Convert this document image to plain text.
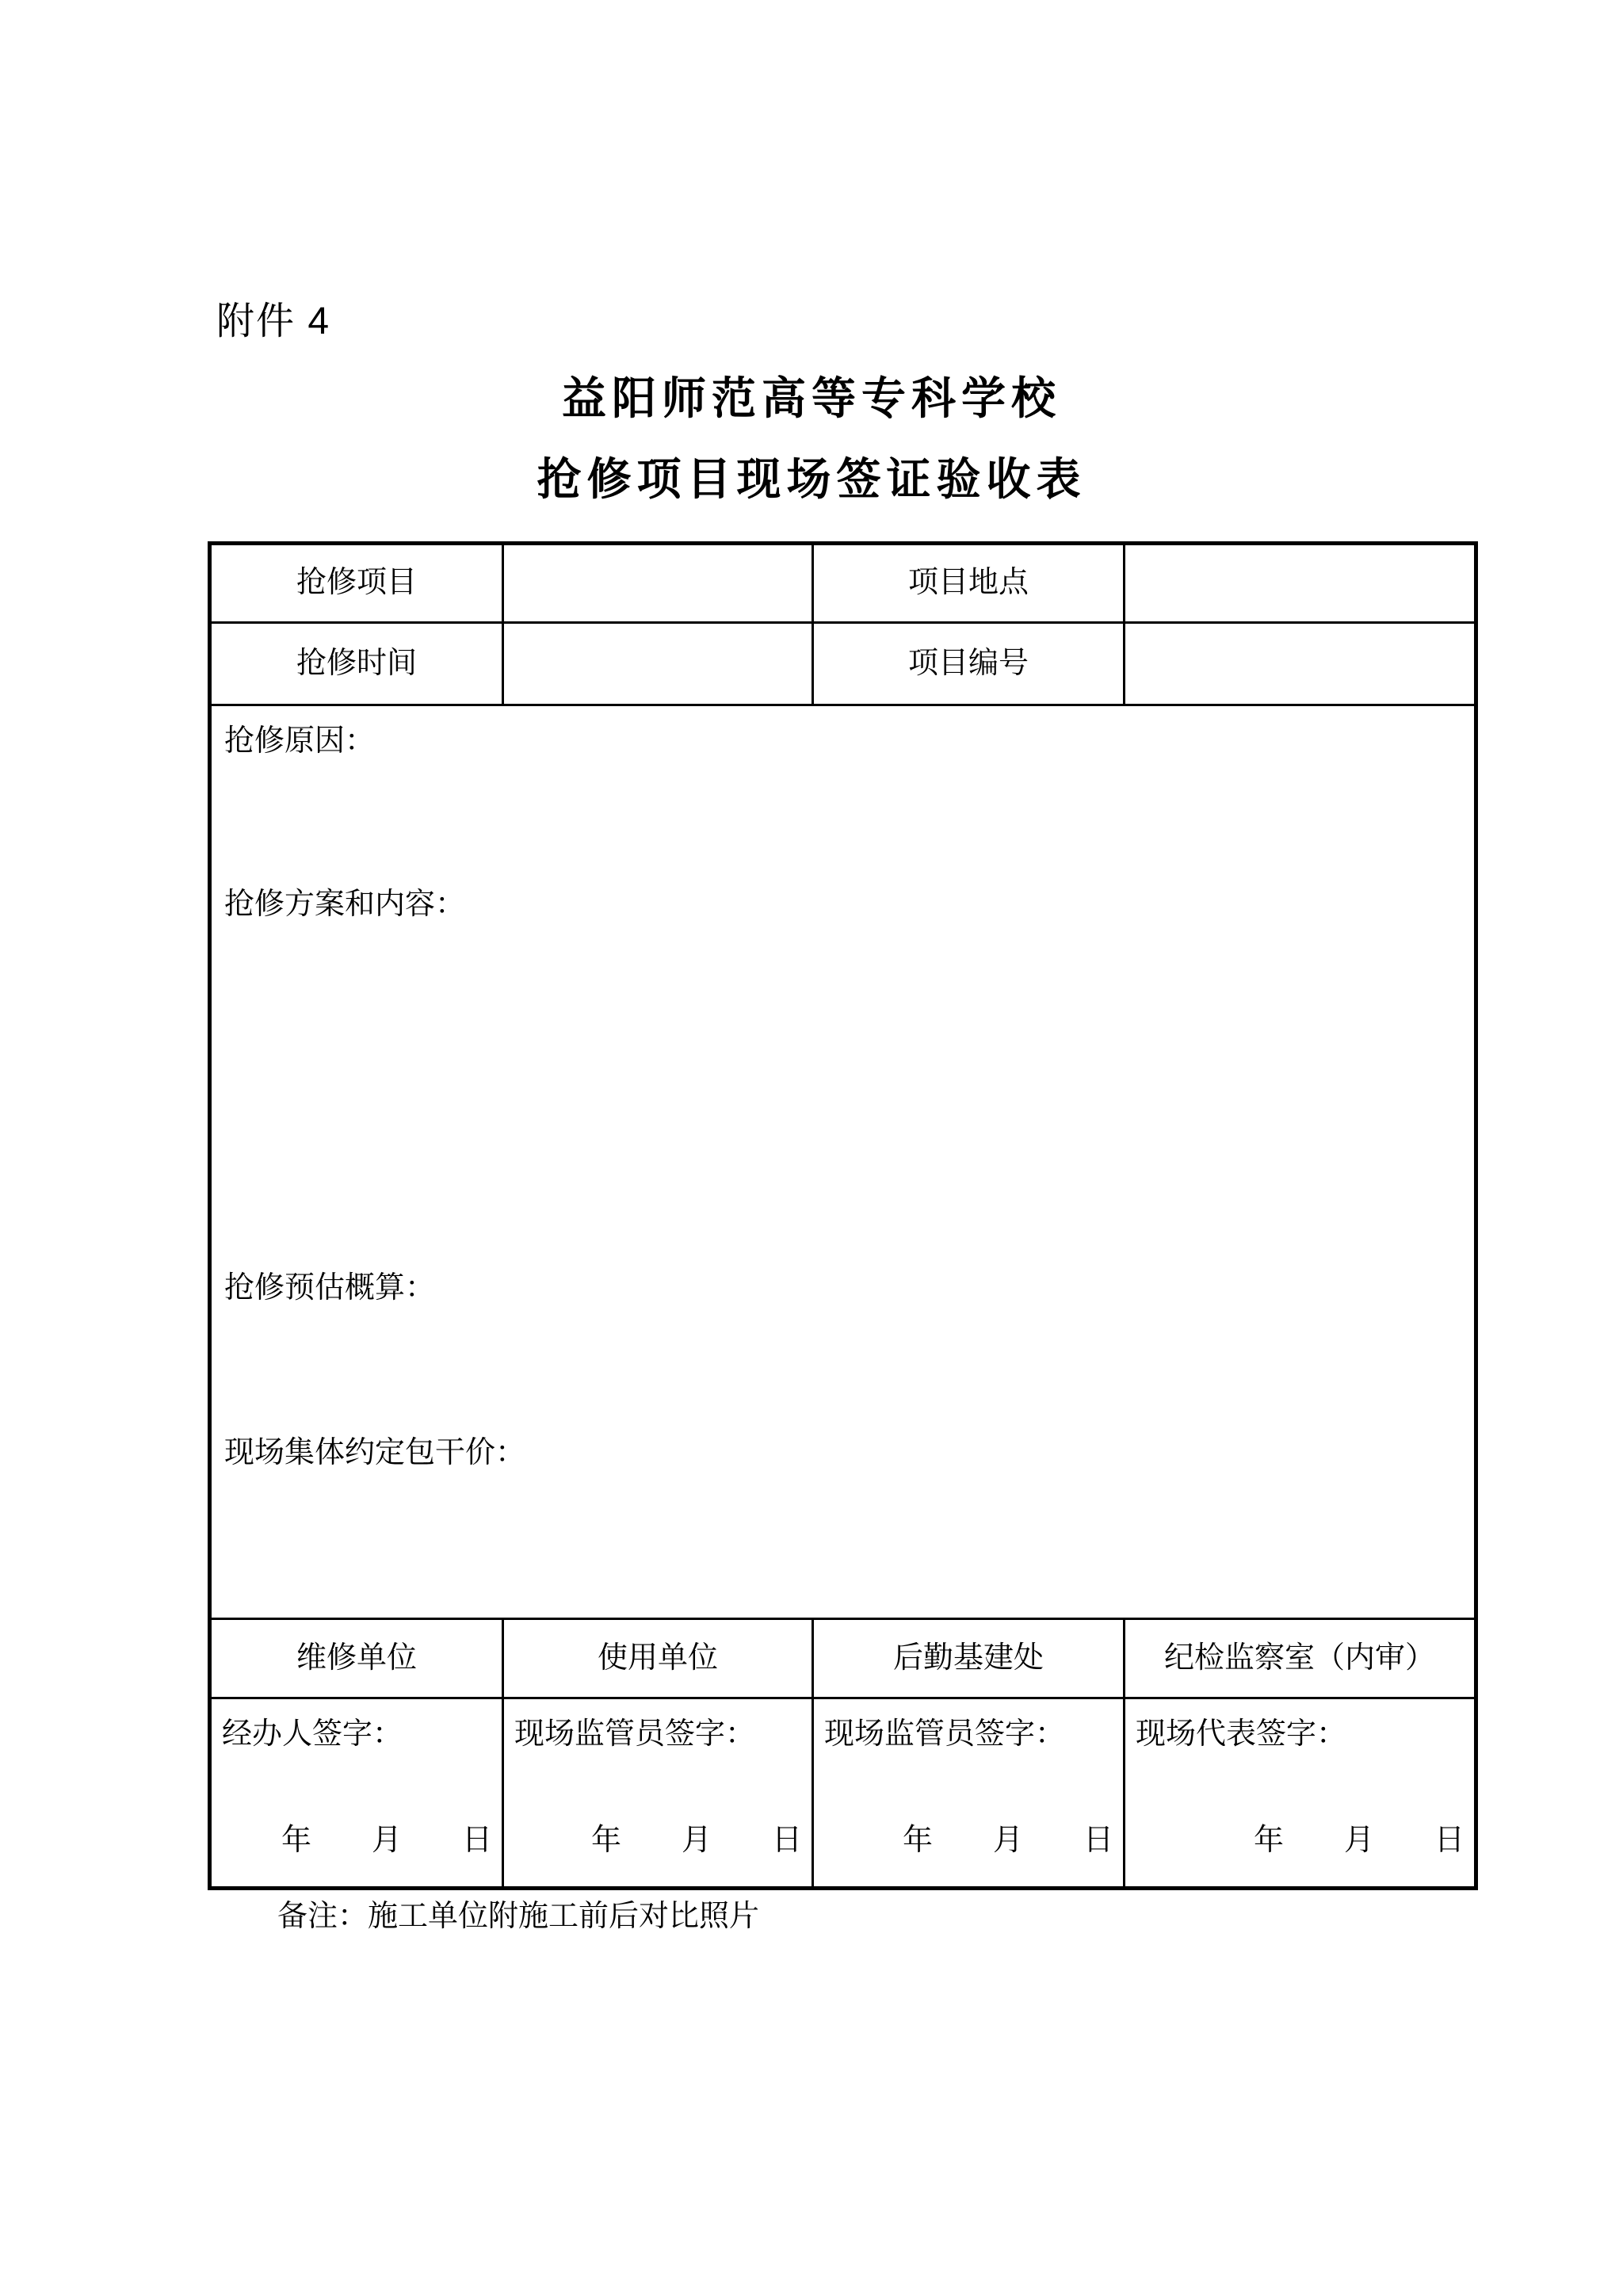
附件 4
益阳师范高等专科学校
抢修项目现场签证验收表
抢修项目		项目地点	
抢修时间		项目编号	

抢修原因：
抢修方案和内容：
抢修预估概算：
现场集体约定包干价：			

维修单位	使用单位	后勤基建处	纪检监察室（内审）

经办人签字：
年　　月　　日

现场监管员签字：
年　　月　　日

现场监管员签字：
年　　月　　日

现场代表签字：
年　　月　　日
备注：施工单位附施工前后对比照片
